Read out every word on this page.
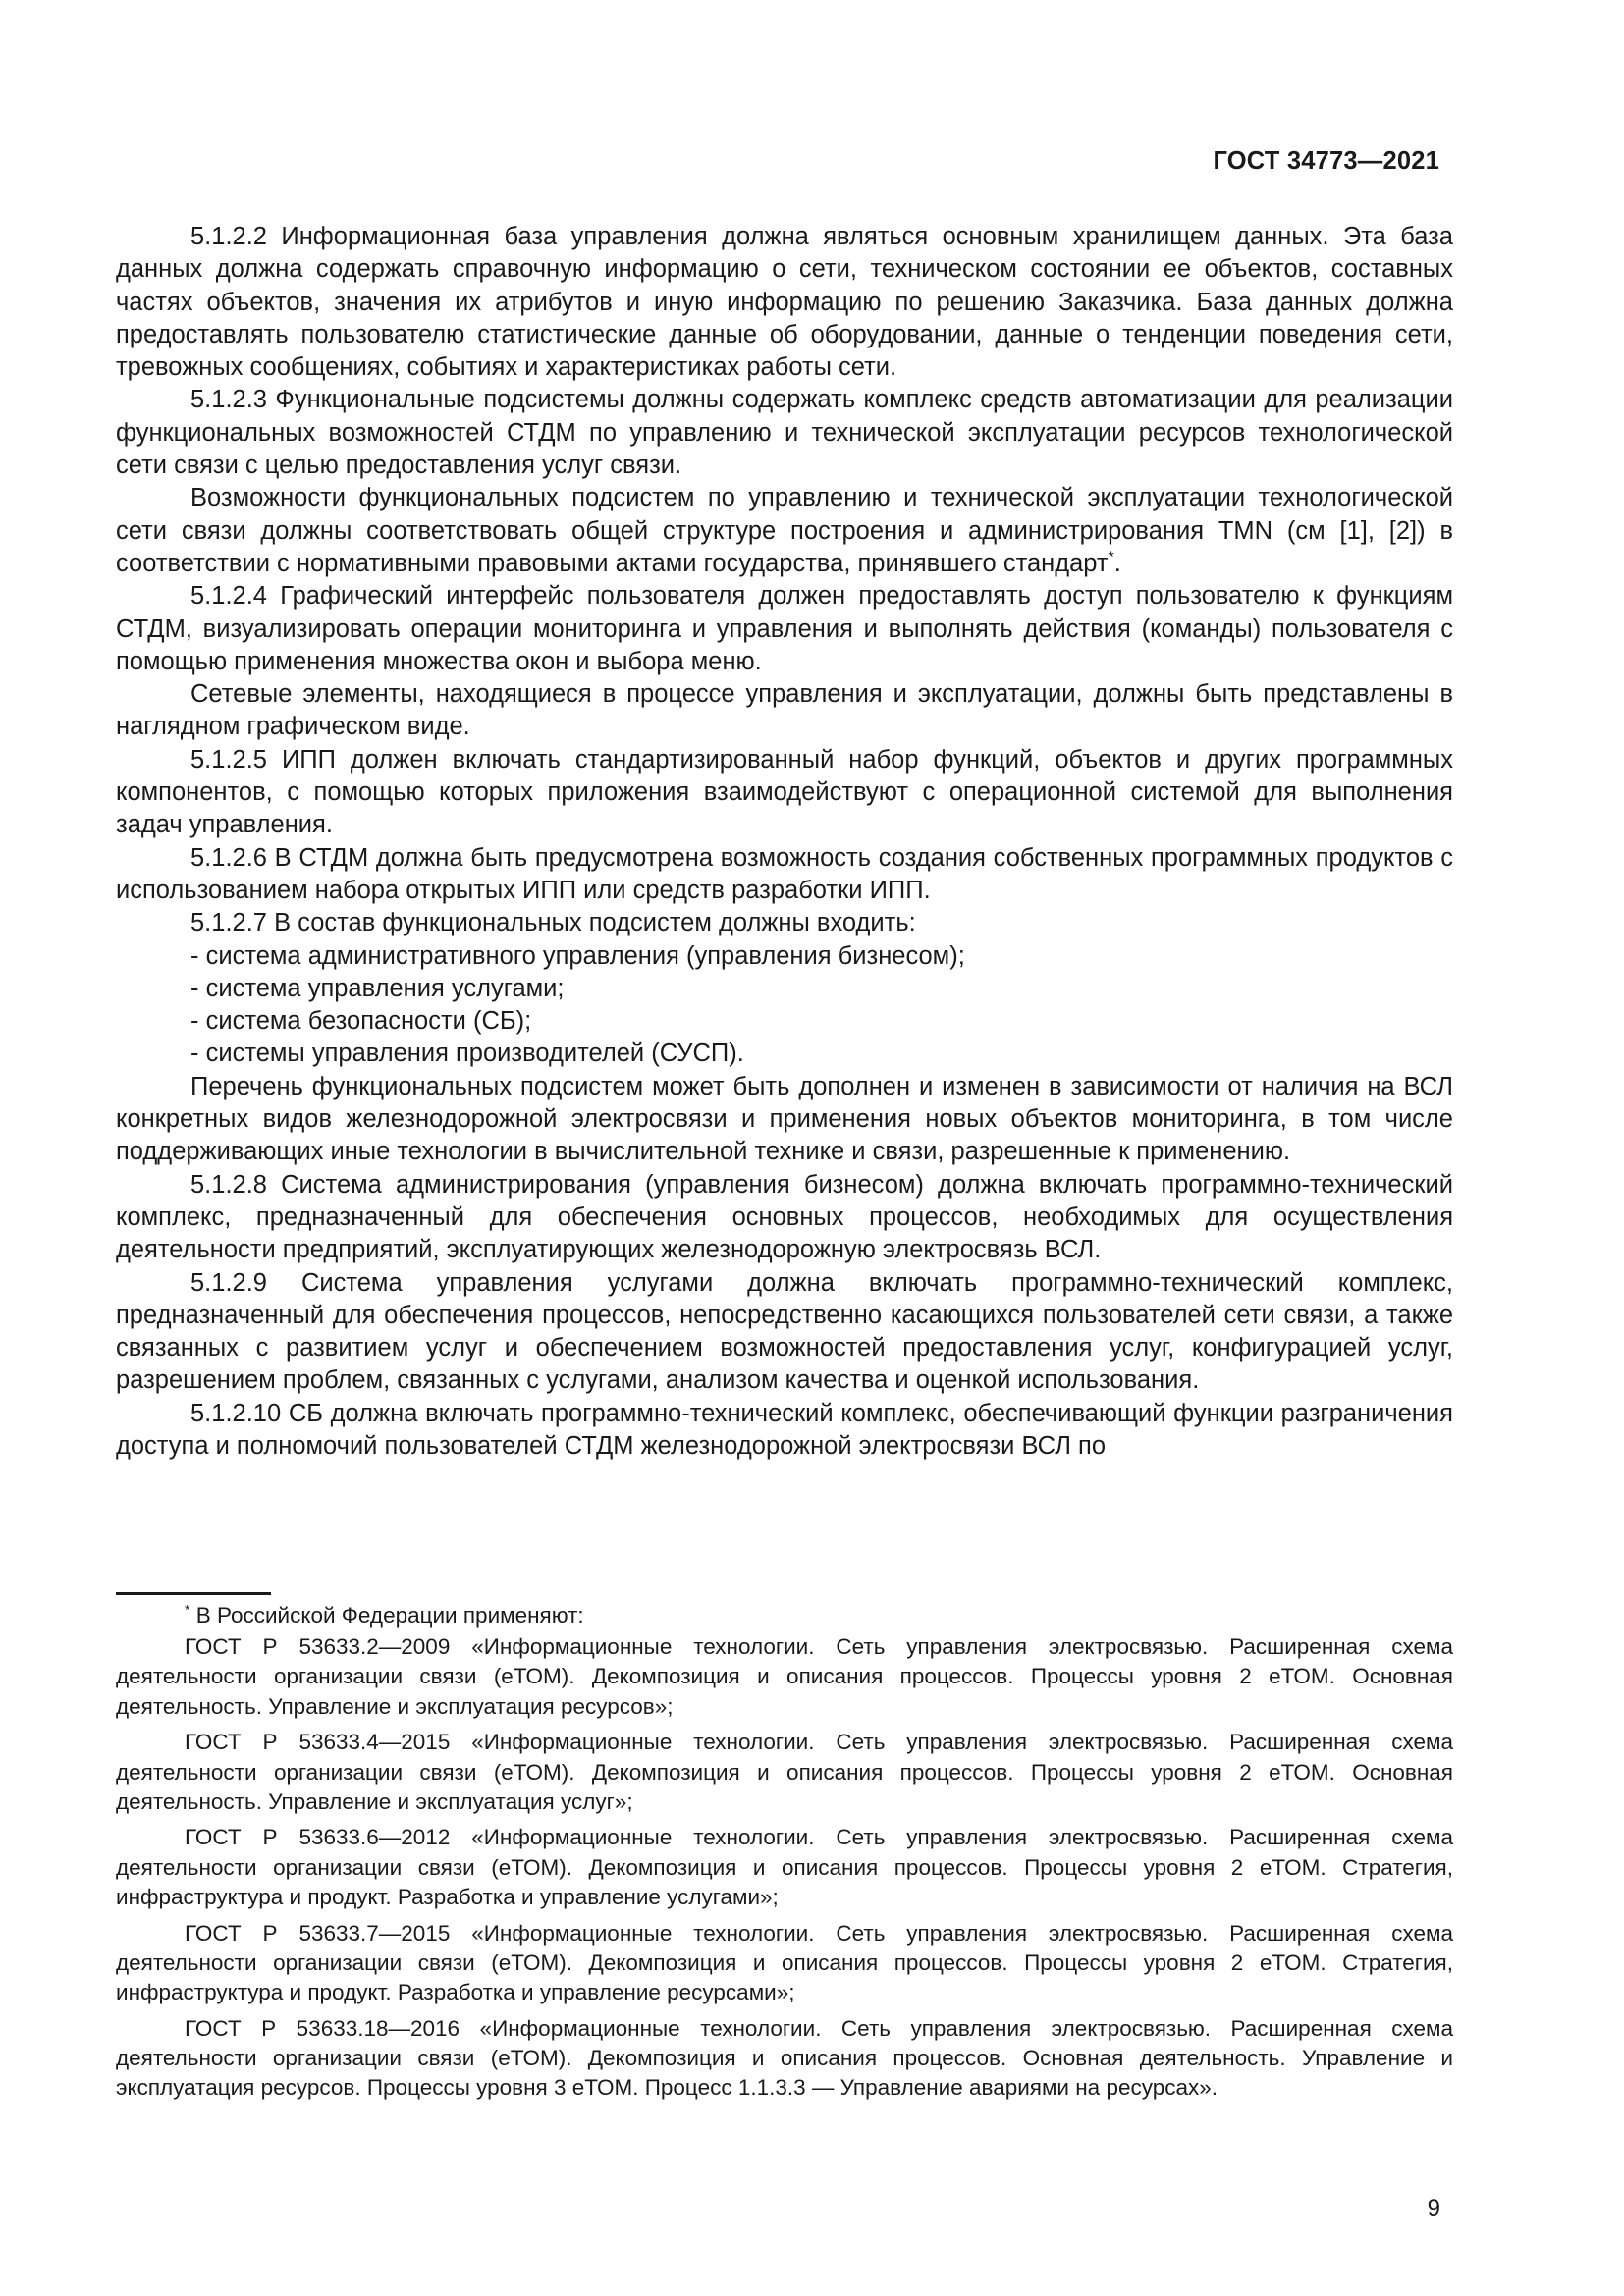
ГОСТ 34773—2021

5.1.2.2 Информационная база управления должна являться основным хранилищем данных. Эта база данных должна содержать справочную информацию о сети, техническом состоянии ее объектов, составных частях объектов, значения их атрибутов и иную информацию по решению Заказчика. База данных должна предоставлять пользователю статистические данные об оборудовании, данные о тенденции поведения сети, тревожных сообщениях, событиях и характеристиках работы сети.

5.1.2.3 Функциональные подсистемы должны содержать комплекс средств автоматизации для реализации функциональных возможностей СТДМ по управлению и технической эксплуатации ресурсов технологической сети связи с целью предоставления услуг связи.

Возможности функциональных подсистем по управлению и технической эксплуатации технологической сети связи должны соответствовать общей структуре построения и администрирования TMN (см [1], [2]) в соответствии с нормативными правовыми актами государства, принявшего стандарт*.

5.1.2.4 Графический интерфейс пользователя должен предоставлять доступ пользователю к функциям СТДМ, визуализировать операции мониторинга и управления и выполнять действия (команды) пользователя с помощью применения множества окон и выбора меню.

Сетевые элементы, находящиеся в процессе управления и эксплуатации, должны быть представлены в наглядном графическом виде.

5.1.2.5 ИПП должен включать стандартизированный набор функций, объектов и других программных компонентов, с помощью которых приложения взаимодействуют с операционной системой для выполнения задач управления.

5.1.2.6 В СТДМ должна быть предусмотрена возможность создания собственных программных продуктов с использованием набора открытых ИПП или средств разработки ИПП.

5.1.2.7 В состав функциональных подсистем должны входить:

- система административного управления (управления бизнесом);

- система управления услугами;

- система безопасности (СБ);

- системы управления производителей (СУСП).

Перечень функциональных подсистем может быть дополнен и изменен в зависимости от наличия на ВСЛ конкретных видов железнодорожной электросвязи и применения новых объектов мониторинга, в том числе поддерживающих иные технологии в вычислительной технике и связи, разрешенные к применению.

5.1.2.8 Система администрирования (управления бизнесом) должна включать программно-технический комплекс, предназначенный для обеспечения основных процессов, необходимых для осуществления деятельности предприятий, эксплуатирующих железнодорожную электросвязь ВСЛ.

5.1.2.9 Система управления услугами должна включать программно-технический комплекс, предназначенный для обеспечения процессов, непосредственно касающихся пользователей сети связи, а также связанных с развитием услуг и обеспечением возможностей предоставления услуг, конфигурацией услуг, разрешением проблем, связанных с услугами, анализом качества и оценкой использования.

5.1.2.10 СБ должна включать программно-технический комплекс, обеспечивающий функции разграничения доступа и полномочий пользователей СТДМ железнодорожной электросвязи ВСЛ по

* В Российской Федерации применяют:

ГОСТ Р 53633.2—2009 «Информационные технологии. Сеть управления электросвязью. Расширенная схема деятельности организации связи (еТОМ). Декомпозиция и описания процессов. Процессы уровня 2 еТОМ. Основная деятельность. Управление и эксплуатация ресурсов»;

ГОСТ Р 53633.4—2015 «Информационные технологии. Сеть управления электросвязью. Расширенная схема деятельности организации связи (еТОМ). Декомпозиция и описания процессов. Процессы уровня 2 еТОМ. Основная деятельность. Управление и эксплуатация услуг»;

ГОСТ Р 53633.6—2012 «Информационные технологии. Сеть управления электросвязью. Расширенная схема деятельности организации связи (еТОМ). Декомпозиция и описания процессов. Процессы уровня 2 еТОМ. Стратегия, инфраструктура и продукт. Разработка и управление услугами»;

ГОСТ Р 53633.7—2015 «Информационные технологии. Сеть управления электросвязью. Расширенная схема деятельности организации связи (еТОМ). Декомпозиция и описания процессов. Процессы уровня 2 еТОМ. Стратегия, инфраструктура и продукт. Разработка и управление ресурсами»;

ГОСТ Р 53633.18—2016 «Информационные технологии. Сеть управления электросвязью. Расширенная схема деятельности организации связи (еТОМ). Декомпозиция и описания процессов. Основная деятельность. Управление и эксплуатация ресурсов. Процессы уровня 3 еТОМ. Процесс 1.1.3.3 — Управление авариями на ресурсах».

9
